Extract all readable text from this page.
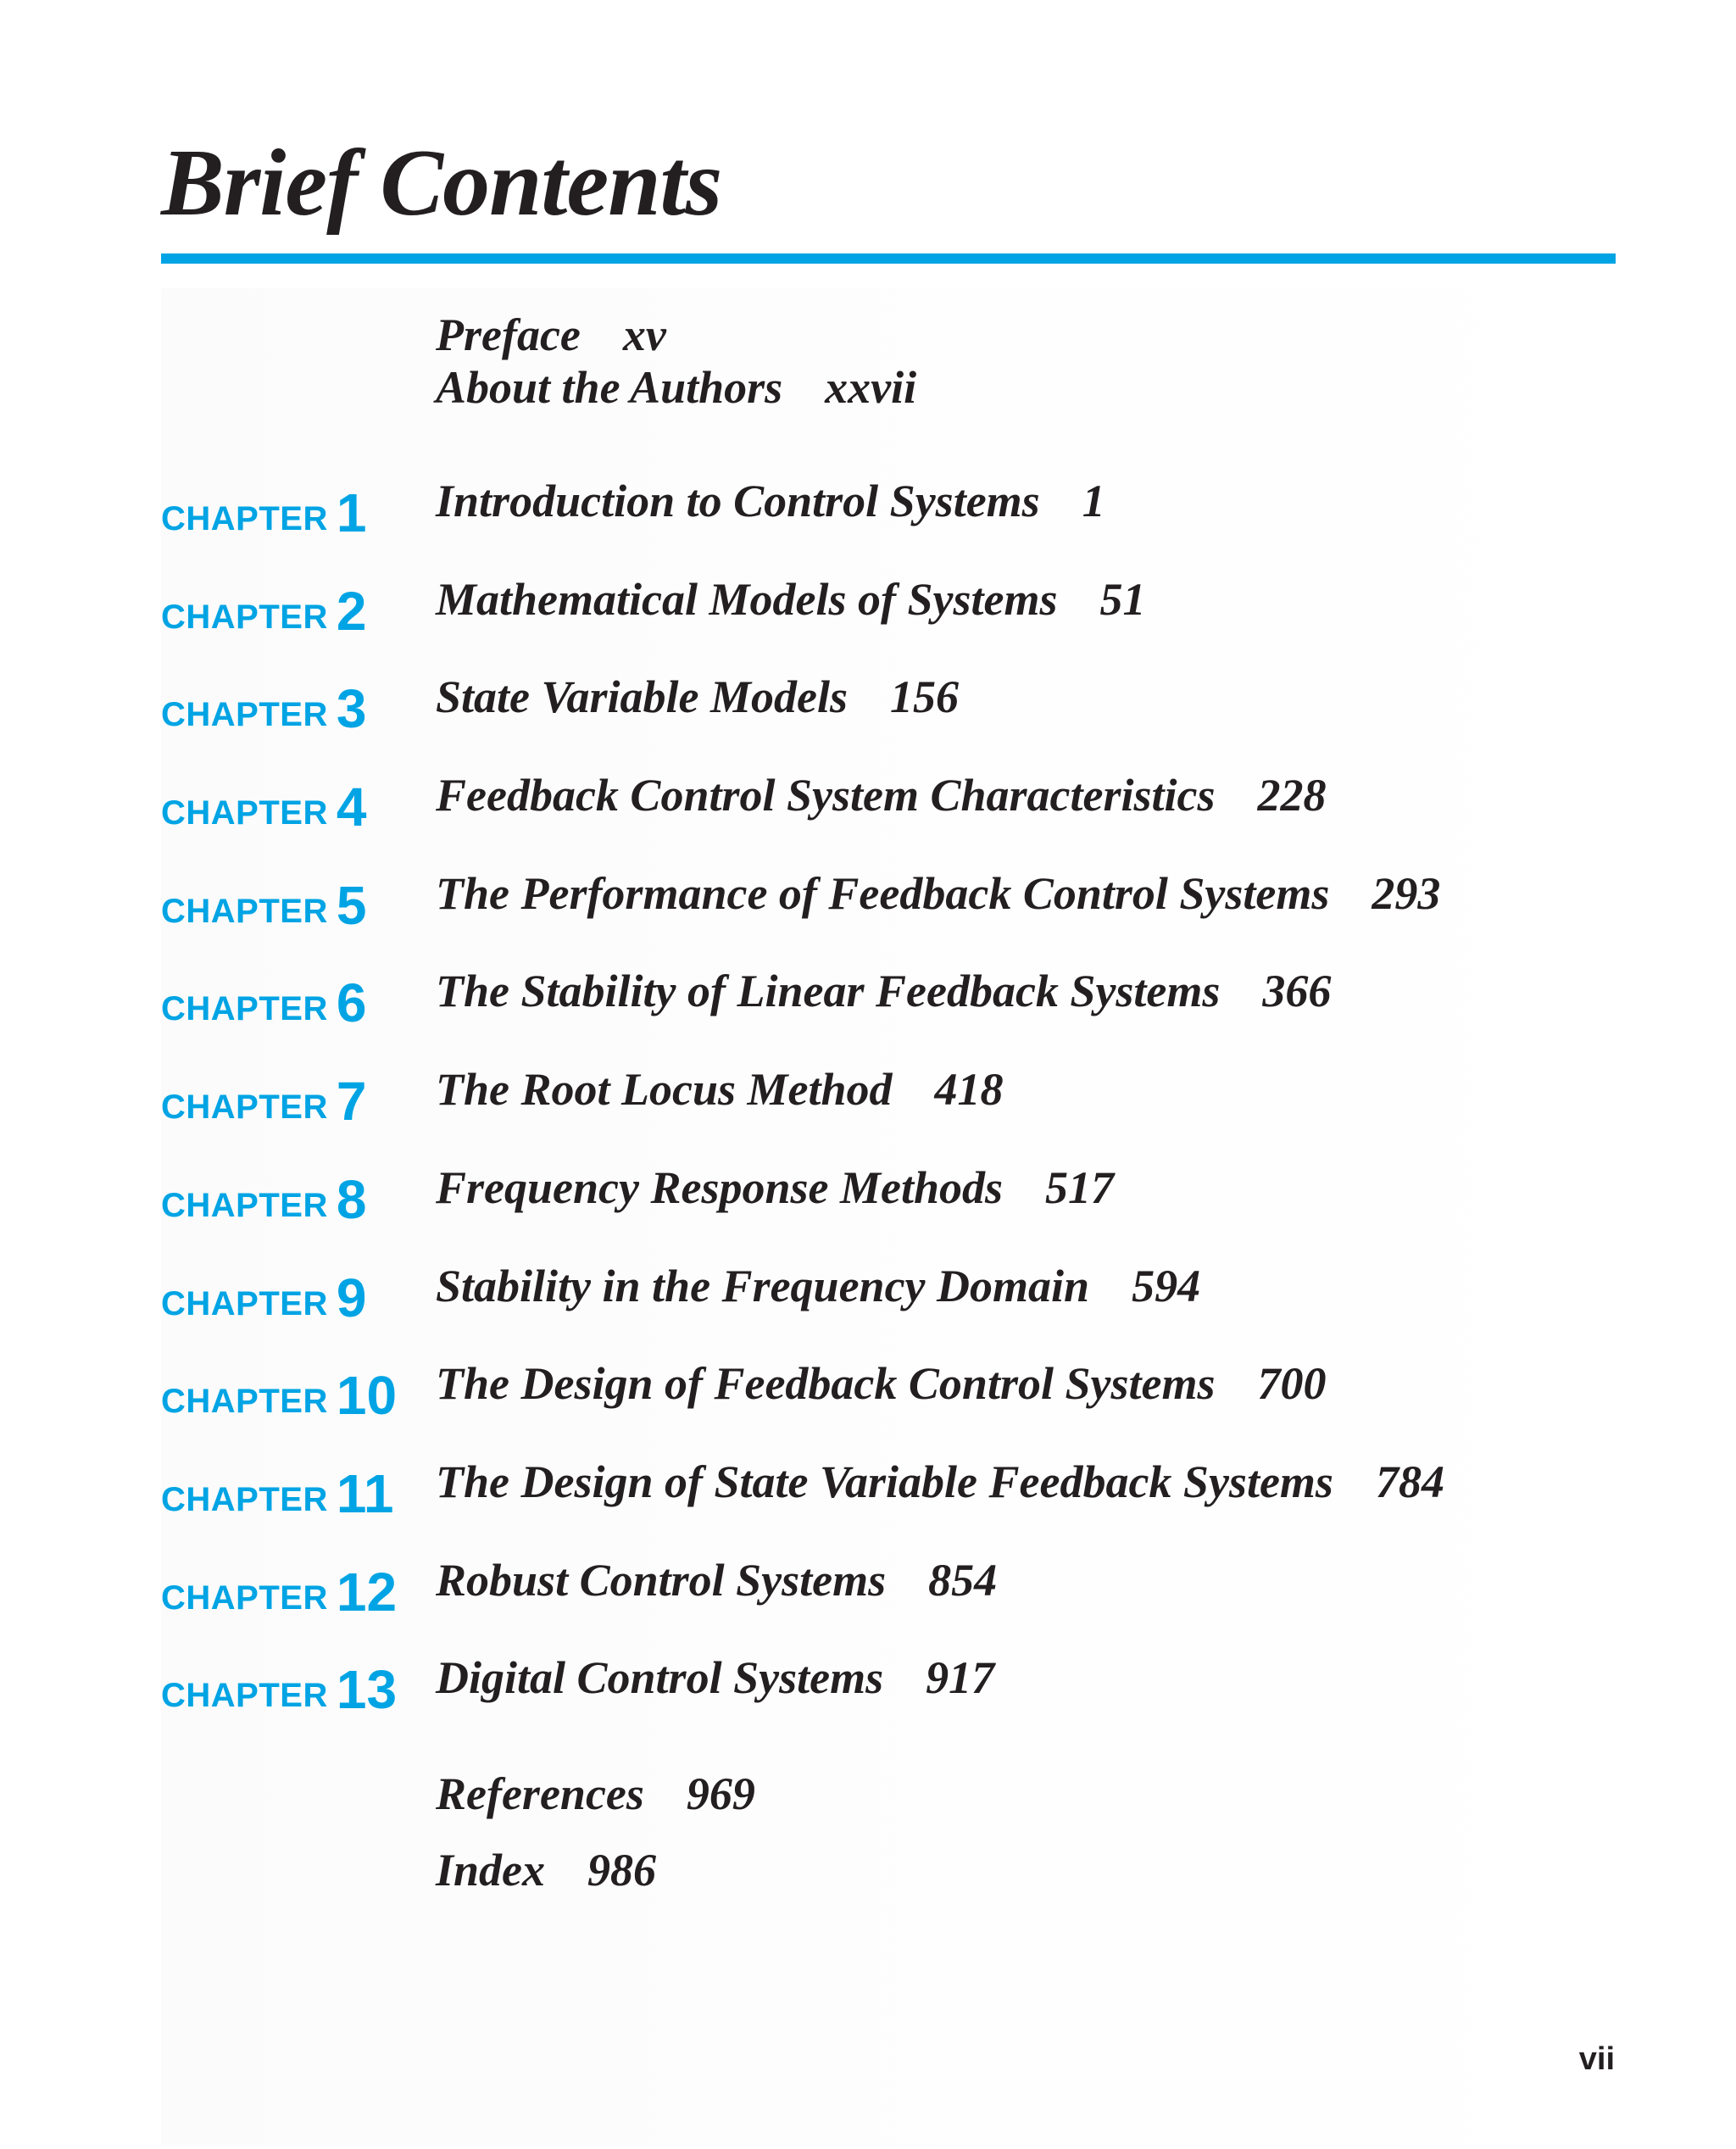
Brief Contents
Preface xv
About the Authors xxvii
CHAPTER 1 Introduction to Control Systems 1
CHAPTER 2 Mathematical Models of Systems 51
CHAPTER 3 State Variable Models 156
CHAPTER 4 Feedback Control System Characteristics 228
CHAPTER 5 The Performance of Feedback Control Systems 293
CHAPTER 6 The Stability of Linear Feedback Systems 366
CHAPTER 7 The Root Locus Method 418
CHAPTER 8 Frequency Response Methods 517
CHAPTER 9 Stability in the Frequency Domain 594
CHAPTER 10 The Design of Feedback Control Systems 700
CHAPTER 11 The Design of State Variable Feedback Systems 784
CHAPTER 12 Robust Control Systems 854
CHAPTER 13 Digital Control Systems 917
References 969
Index 986
vii
